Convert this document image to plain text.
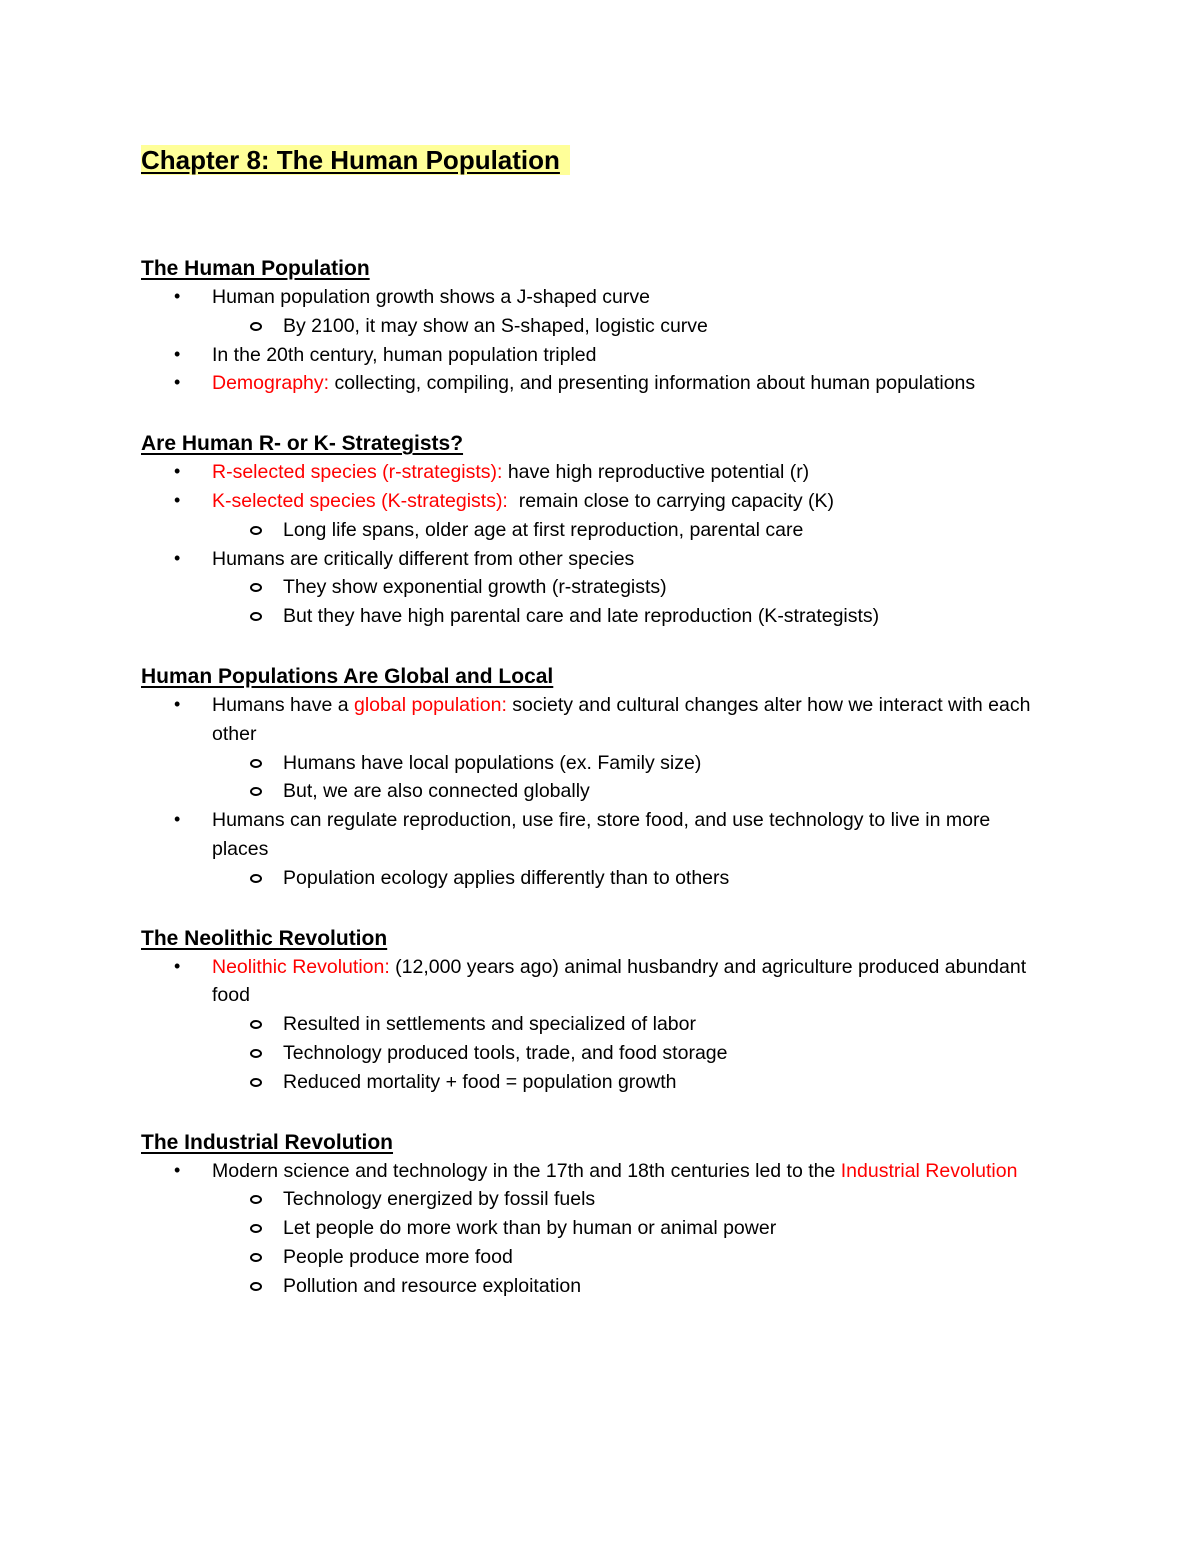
Chapter 8: The Human Population
The Human Population
• Human population growth shows a J-shaped curve
By 2100, it may show an S-shaped, logistic curve
• In the 20th century, human population tripled
• Demography: collecting, compiling, and presenting information about human populations
Are Human R- or K- Strategists?
• R-selected species (r-strategists): have high reproductive potential (r)
• K-selected species (K-strategists):  remain close to carrying capacity (K)
Long life spans, older age at first reproduction, parental care
• Humans are critically different from other species
They show exponential growth (r-strategists)
But they have high parental care and late reproduction (K-strategists)
Human Populations Are Global and Local
• Humans have a global population: society and cultural changes alter how we interact with each other
Humans have local populations (ex. Family size)
But, we are also connected globally
• Humans can regulate reproduction, use fire, store food, and use technology to live in more places
Population ecology applies differently than to others
The Neolithic Revolution
• Neolithic Revolution: (12,000 years ago) animal husbandry and agriculture produced abundant food
Resulted in settlements and specialized of labor
Technology produced tools, trade, and food storage
Reduced mortality + food = population growth
The Industrial Revolution
• Modern science and technology in the 17th and 18th centuries led to the Industrial Revolution
Technology energized by fossil fuels
Let people do more work than by human or animal power
People produce more food
Pollution and resource exploitation
